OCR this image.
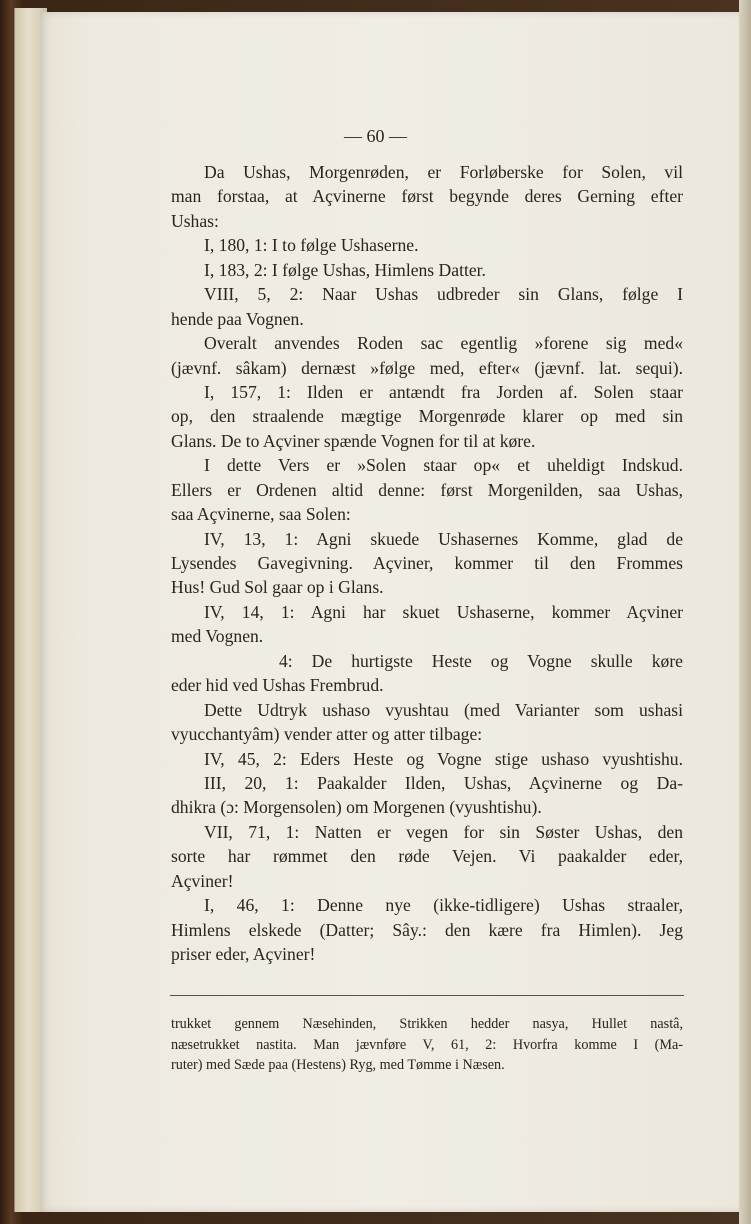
— 60 —
Da Ushas, Morgenrøden, er Forløberske for Solen, vil
man forstaa, at Açvinerne først begynde deres Gerning efter
Ushas:
I, 180, 1: I to følge Ushaserne.
I, 183, 2: I følge Ushas, Himlens Datter.
VIII, 5, 2: Naar Ushas udbreder sin Glans, følge I
hende paa Vognen.
Overalt anvendes Roden sac egentlig »forene sig med«
(jævnf. sâkam) dernæst »følge med, efter« (jævnf. lat. sequi).
I, 157, 1: Ilden er antændt fra Jorden af. Solen staar
op, den straalende mægtige Morgenrøde klarer op med sin
Glans. De to Açviner spænde Vognen for til at køre.
I dette Vers er »Solen staar op« et uheldigt Indskud.
Ellers er Ordenen altid denne: først Morgenilden, saa Ushas,
saa Açvinerne, saa Solen:
IV, 13, 1: Agni skuede Ushasernes Komme, glad de
Lysendes Gavegivning. Açviner, kommer til den Frommes
Hus! Gud Sol gaar op i Glans.
IV, 14, 1: Agni har skuet Ushaserne, kommer Açviner
med Vognen.
4: De hurtigste Heste og Vogne skulle køre
eder hid ved Ushas Frembrud.
Dette Udtryk ushaso vyushtau (med Varianter som ushasi
vyucchantyâm) vender atter og atter tilbage:
IV, 45, 2: Eders Heste og Vogne stige ushaso vyushtishu.
III, 20, 1: Paakalder Ilden, Ushas, Açvinerne og Da-
dhikra (ɔ: Morgensolen) om Morgenen (vyushtishu).
VII, 71, 1: Natten er vegen for sin Søster Ushas, den
sorte har rømmet den røde Vejen. Vi paakalder eder,
Açviner!
I, 46, 1: Denne nye (ikke-tidligere) Ushas straaler,
Himlens elskede (Datter; Sây.: den kære fra Himlen). Jeg
priser eder, Açviner!
trukket gennem Næsehinden, Strikken hedder nasya, Hullet nastâ,
næsetrukket nastita. Man jævnføre V, 61, 2: Hvorfra komme I (Ma-
ruter) med Sæde paa (Hestens) Ryg, med Tømme i Næsen.
